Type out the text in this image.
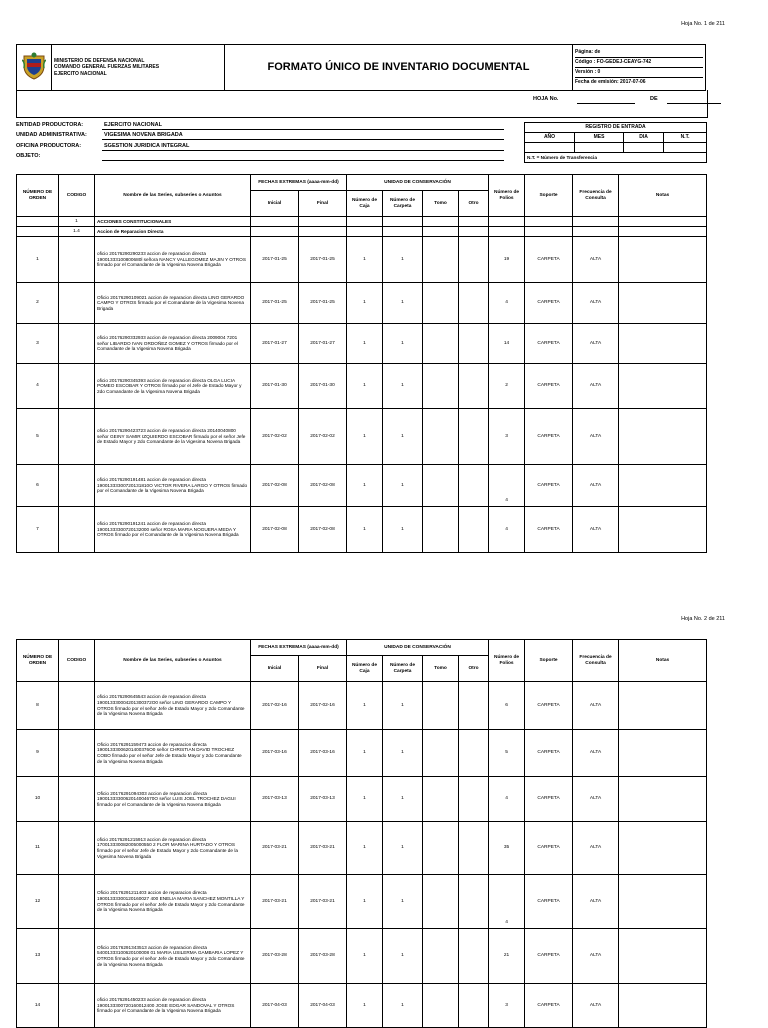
Hoja No. 1 de 211

MINISTERIO DE DEFENSA NACIONAL
COMANDO GENERAL FUERZAS MILITARES
EJERCITO NACIONAL
	FORMATO ÚNICO DE INVENTARIO DOCUMENTAL	
Página: de
Código : FO-GEDEJ-CEAYG-742
Versión : 0
Fecha de emisión: 2017-07-06
HOJA No.	DE
ENTIDAD PRODUCTORA:	EJERCITO NACIONAL
UNIDAD ADMINISTRATIVA:	VIGESIMA NOVENA BRIGADA
OFICINA PRODUCTORA:	SGESTION JURIDICA INTEGRAL
OBJETO:
REGISTRO DE ENTRADA			
AÑO	MES	DIA	N.T.

N.T. = Número de Transferencia			
NÚMERO DE ORDEN	CODIGO	Nombre de las Series, subseries o Asuntos	FECHAS EXTREMAS (aaaa-mm-dd)		UNIDAD DE CONSERVACIÓN				Número de Folios	Soporte	Frecuencia de Consulta	Notas
			Inicial	Final	Número de Caja	Número de Carpeta	Tomo	Otro				
	1	ACCIONES CONSTITUCIONALES										
	1.4	Accion de Reparacion Directa										
1		oficio 20176290290233 accion de reparacion directa 19001333100800680l señora NANCY VALLEGOMEZ MAJIN Y OTROS firmado por el Comandante de la Vigesima Novena Brigada	2017-01-25	2017-01-25	1	1			19	CARPETA	ALTA	
2		Oficio 20176290109021 accion de reparacion directa LINO GERARDO CAMPO Y OTROS firmado por el Comandante de la Vigesima Novena Brigada	2017-01-25	2017-01-25	1	1			4	CARPETA	ALTA	
3		oficio 20176290332933 accion de reparacion directa 2009004 7201 señor LIBARDO IVAN ORDOÑEZ GOMEZ Y OTROS firmado por el Comandante de la Vigesima Novena Brigada	2017-01-27	2017-01-27	1	1			14	CARPETA	ALTA	
4		oficio 20176290345393 accion de reparacion directa OLGA LUCIA POMEO ESCOBAR Y OTROS firmado por el Jefe de Estado Mayor y 2do Comandante de la Vigesima Novena Brigada	2017-01-30	2017-01-30	1	1			2	CARPETA	ALTA	
5		oficio 20176290423723 accion de reparacion directa 20140040800 señor GEINY SAMIR IZQUIERDO ESCOBAR firmado por el señor Jefe de Estado Mayor y 2do Comandante de la Vigesima Novena Brigada	2017-02-02	2017-02-02	1	1			3	CARPETA	ALTA	
6		oficio 20176290191481 accion de reparacion directa 19001333300720131810O VICTOR RIVERA LARGO Y OTROS firmado por el Comandante de la Vigesima Novena Brigada	2017-02-08	2017-02-08	1	1			4	CARPETA	ALTA	
7		oficio 20176290191241 accion de reparacion directa 19001333300720132000 señor ROSA MARIA NOGUERA MEDA Y OTROS firmado por el Comandante de la Vigesima Novena Brigada	2017-02-08	2017-02-08	1	1			4	CARPETA	ALTA	
Hoja No. 2 de 211
NÚMERO DE ORDEN	CODIGO	Nombre de las Series, subseries o Asuntos	FECHAS EXTREMAS (aaaa-mm-dd)		UNIDAD DE CONSERVACIÓN				Número de Folios	Soporte	Frecuencia de Consulta	Notas
			Inicial	Final	Número de Caja	Número de Carpeta	Tomo	Otro				
8		oficio 20176290645543 accion de reparacion directa 190013330004201300372O0 señor LINO GERARDO CAMPO Y OTROS firmado por el señor Jefe de Estado Mayor y 2do Comandante de la Vigesima Novena Brigada	2017-02-16	2017-02-16	1	1			6	CARPETA	ALTA	
9		Oficio 20176291159473 accion de reparacion directa 19001333006201400376O0 señor CHRISTIAN DAVID TROCHEZ COBO firmado por el señor Jefe de Estado Mayor y 2do Comandante de la Vigesima Novena Brigada	2017-03-16	2017-03-16	1	1			5	CARPETA	ALTA	
10		Oficio 20176291094303 accion de reparacion directa 1900133330062014004670O señor LUIS JOEL TROCHEZ DAGUI firmado por el Comandante de la Vigesima Novena Brigada	2017-03-13	2017-03-13	1	1			4	CARPETA	ALTA	
11		oficio 20176291215913 accion de reparacion directa 170013330082005000550 2 FLOR MARINA HURTADO Y OTROS firmado por el señor Jefe de Estado Mayor y 2do Comandante de la Vigesima Novena Brigada	2017-03-21	2017-03-21	1	1			35	CARPETA	ALTA	
12		Oficio 20176291211403 accion de reparacion directa 19001333300120160027 400 ENELIA MARIA SANCHEZ MONTILLA Y OTROS firmado por el señor Jefe de Estado Mayor y 2do Comandante de la Vigesima Novena Brigada	2017-03-21	2017-03-21	1	1			4	CARPETA	ALTA	
13		Oficio 20176291343513 accion de reparacion directa 54001333100620100008 01 MARIA USILERMA GAMBARIA LOPEZ Y OTROS firmado por el señor Jefe de Estado Mayor y 2do Comandante de la Vigesima Novena Brigada	2017-03-28	2017-03-28	1	1			21	CARPETA	ALTA	
14		oficio 20176291450233 accion de reparacion directa 1900133300720160012400 JOSE EDGAR SANDOVAL Y OTROS firmado por el Comandante de la Vigesima Novena Brigada	2017-04-03	2017-04-03	1	1			3	CARPETA	ALTA	
